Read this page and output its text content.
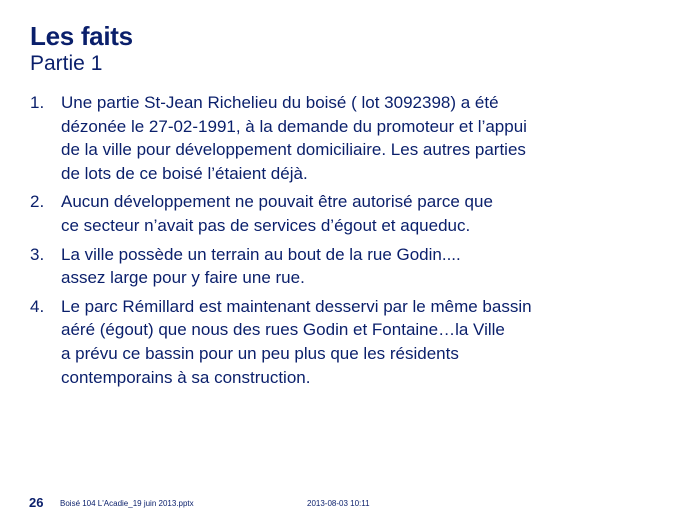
Les faits
Partie 1
1. Une partie St-Jean Richelieu du boisé ( lot 3092398) a été
dézonée le 27-02-1991, à la demande du promoteur et l’appui
de la ville pour développement domiciliaire. Les autres parties
de lots de ce boisé l’étaient déjà.
2. Aucun développement ne pouvait être autorisé parce que
ce secteur n’avait pas de services d’égout et aqueduc.
3. La ville possède un terrain au bout de la rue Godin....
assez large pour y faire une rue.
4. Le parc Rémillard est maintenant desservi par le même bassin
aéré (égout) que nous des rues Godin et Fontaine…la Ville
a prévu ce bassin pour un peu plus que les résidents
contemporains à sa construction.
26 Boisé 104 L'Acadie_19 juin 2013.pptx	2013-08-03 10:11
